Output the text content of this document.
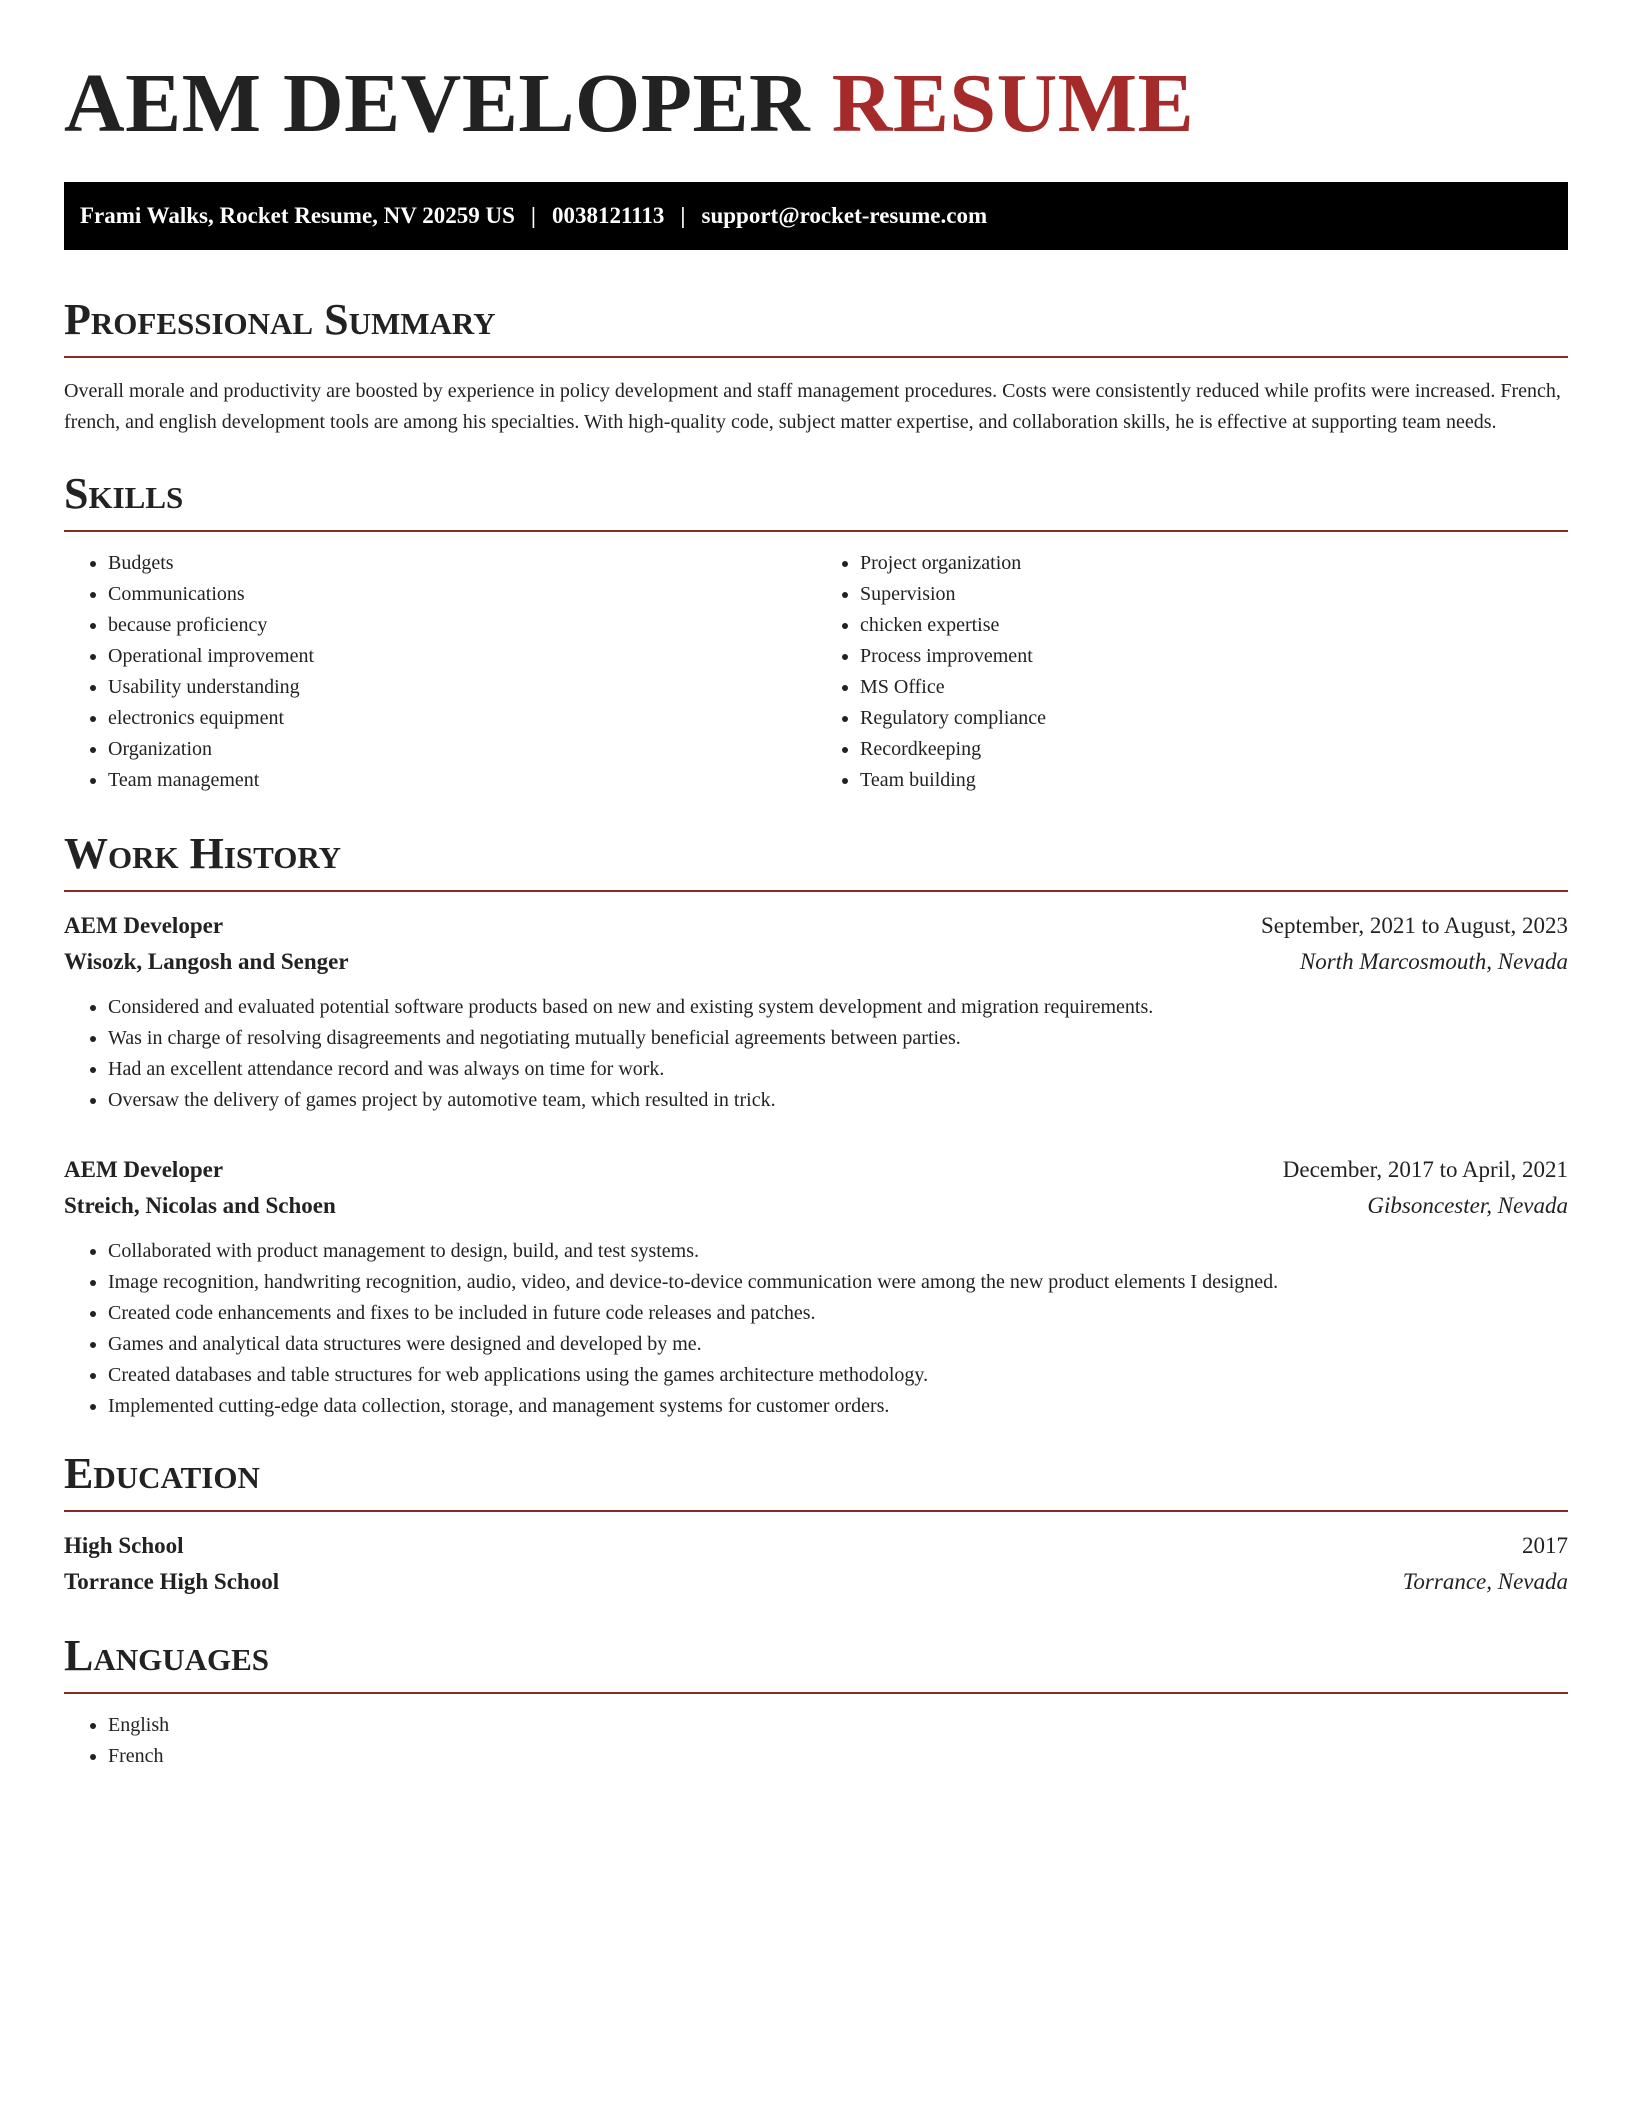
AEM DEVELOPER RESUME
Frami Walks, Rocket Resume, NV 20259 US | 0038121113 | support@rocket-resume.com
Professional Summary

Overall morale and productivity are boosted by experience in policy development and staff management procedures. Costs were consistently reduced while profits were increased. French, french, and english development tools are among his specialties. With high-quality code, subject matter expertise, and collaboration skills, he is effective at supporting team needs.

Skills
• Budgets
• Communications
• because proficiency
• Operational improvement
• Usability understanding
• electronics equipment
• Organization
• Team management
• Project organization
• Supervision
• chicken expertise
• Process improvement
• MS Office
• Regulatory compliance
• Recordkeeping
• Team building
Work History
AEM Developer	September, 2021 to August, 2023
Wisozk, Langosh and Senger	North Marcosmouth, Nevada
• Considered and evaluated potential software products based on new and existing system development and migration requirements.
• Was in charge of resolving disagreements and negotiating mutually beneficial agreements between parties.
• Had an excellent attendance record and was always on time for work.
• Oversaw the delivery of games project by automotive team, which resulted in trick.
AEM Developer	December, 2017 to April, 2021
Streich, Nicolas and Schoen	Gibsoncester, Nevada
• Collaborated with product management to design, build, and test systems.
• Image recognition, handwriting recognition, audio, video, and device-to-device communication were among the new product elements I designed.
• Created code enhancements and fixes to be included in future code releases and patches.
• Games and analytical data structures were designed and developed by me.
• Created databases and table structures for web applications using the games architecture methodology.
• Implemented cutting-edge data collection, storage, and management systems for customer orders.
Education
High School	2017
Torrance High School	Torrance, Nevada
Languages
• English
• French
